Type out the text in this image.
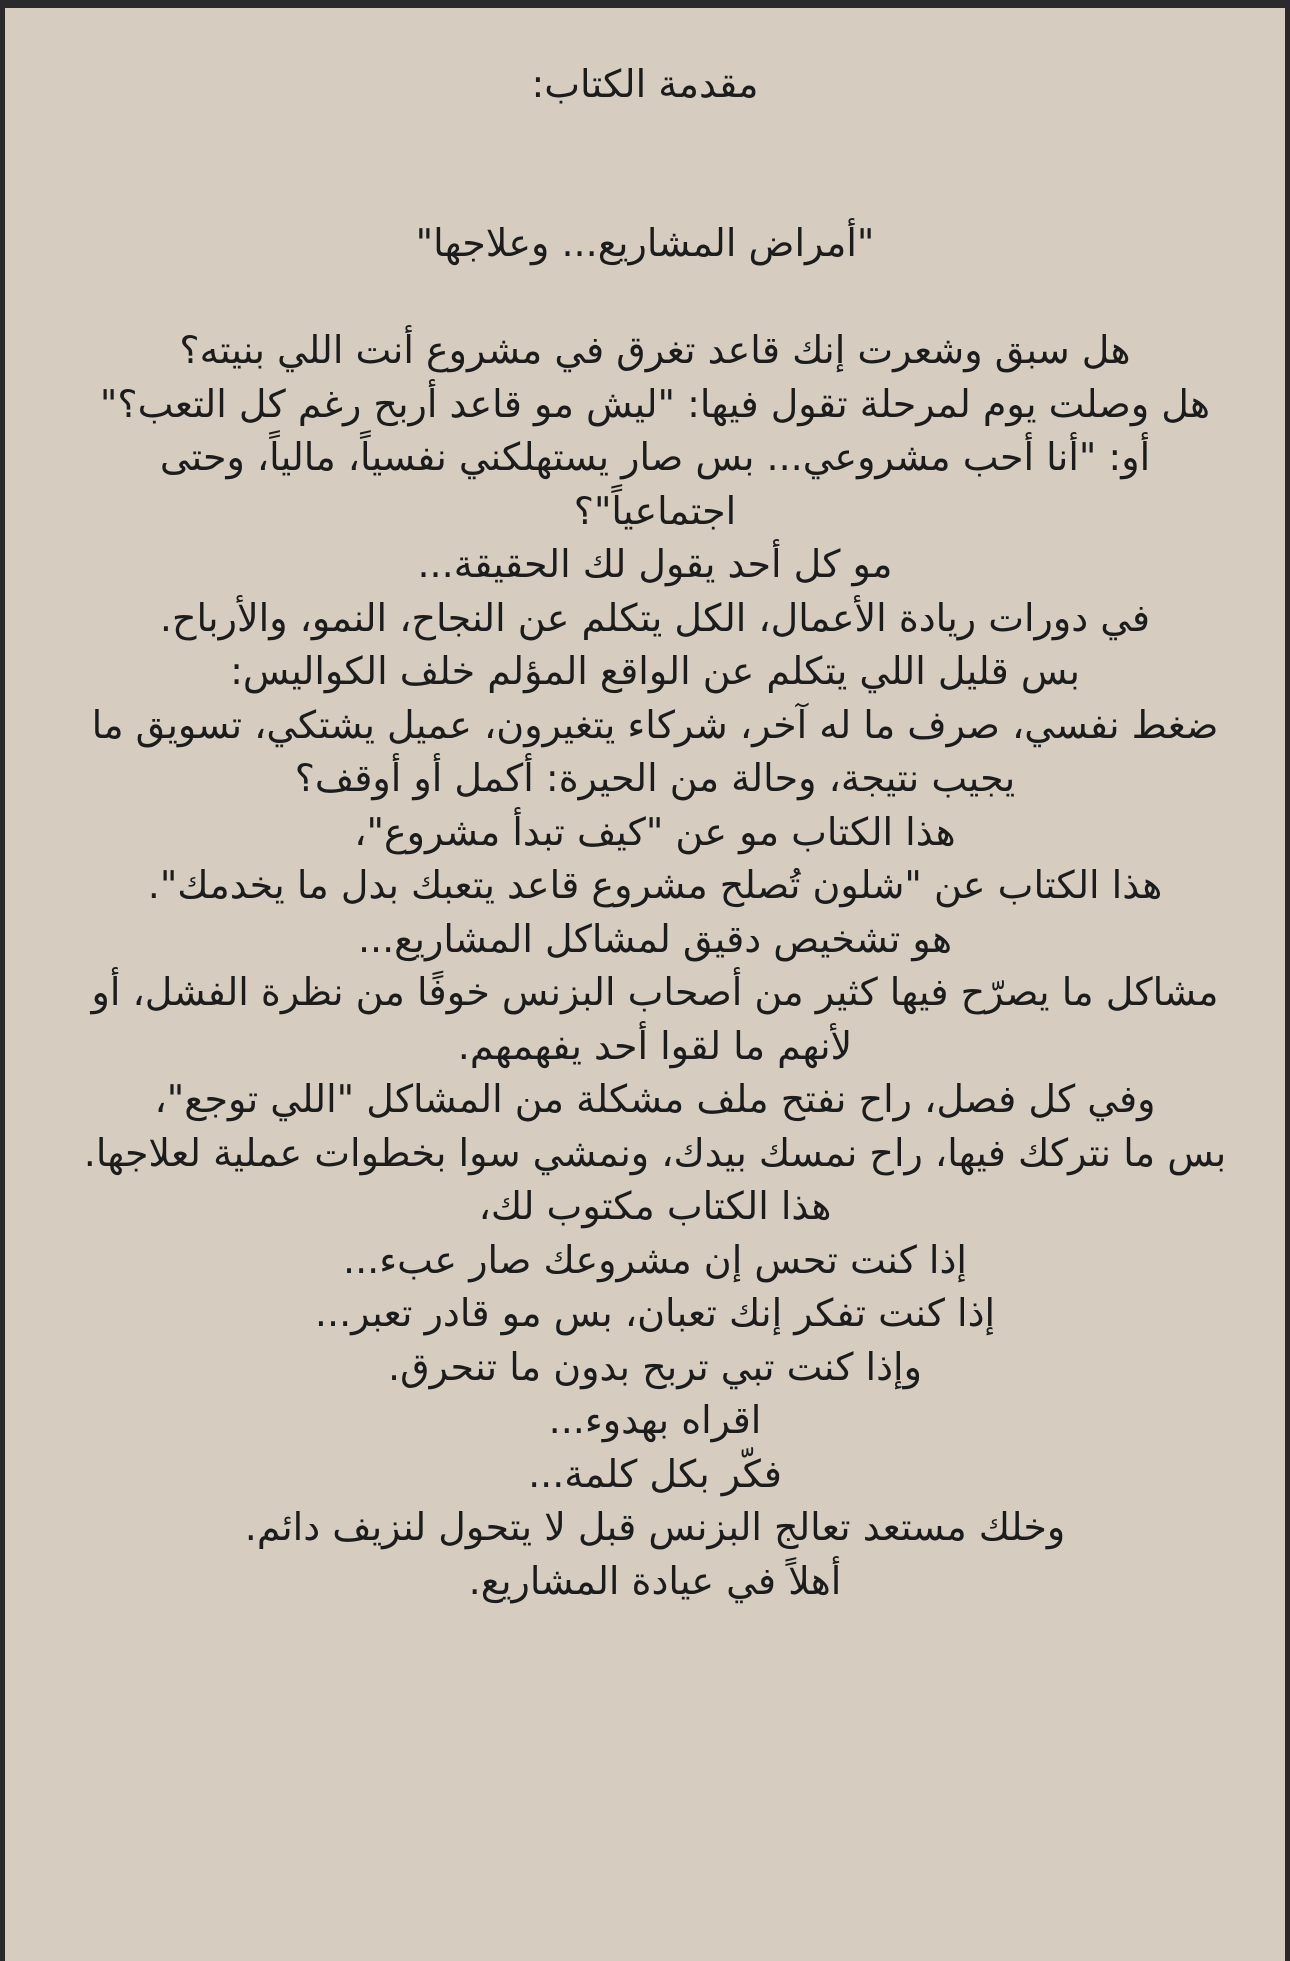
مقدمة الكتاب:
"أمراض المشاريع... وعلاجها"

هل سبق وشعرت إنك قاعد تغرق في مشروع أنت اللي بنيته؟

هل وصلت يوم لمرحلة تقول فيها: "ليش مو قاعد أربح رغم كل التعب؟"

أو: "أنا أحب مشروعي... بس صار يستهلكني نفسياً، مالياً، وحتى اجتماعياً"؟

مو كل أحد يقول لك الحقيقة...

في دورات ريادة الأعمال، الكل يتكلم عن النجاح، النمو، والأرباح.

بس قليل اللي يتكلم عن الواقع المؤلم خلف الكواليس:

ضغط نفسي، صرف ما له آخر، شركاء يتغيرون، عميل يشتكي، تسويق ما يجيب نتيجة، وحالة من الحيرة: أكمل أو أوقف؟

هذا الكتاب مو عن "كيف تبدأ مشروع"،

هذا الكتاب عن "شلون تُصلح مشروع قاعد يتعبك بدل ما يخدمك".

هو تشخيص دقيق لمشاكل المشاريع...

مشاكل ما يصرّح فيها كثير من أصحاب البزنس خوفًا من نظرة الفشل، أو لأنهم ما لقوا أحد يفهمهم.

وفي كل فصل، راح نفتح ملف مشكلة من المشاكل "اللي توجع"،

بس ما نتركك فيها، راح نمسك بيدك، ونمشي سوا بخطوات عملية لعلاجها.

هذا الكتاب مكتوب لك،

إذا كنت تحس إن مشروعك صار عبء...

إذا كنت تفكر إنك تعبان، بس مو قادر تعبر...

وإذا كنت تبي تربح بدون ما تنحرق.

اقراه بهدوء...

فكّر بكل كلمة...

وخلك مستعد تعالج البزنس قبل لا يتحول لنزيف دائم.

أهلاً في عيادة المشاريع.
